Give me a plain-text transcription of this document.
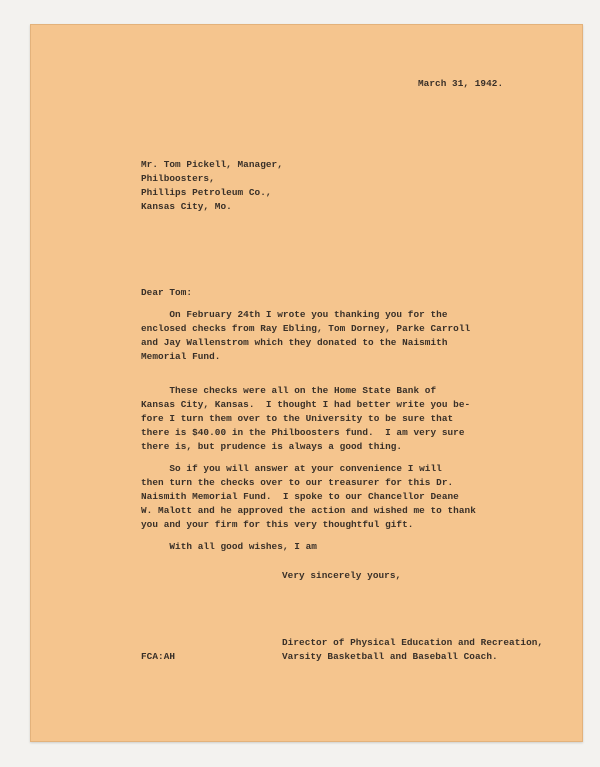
March 31, 1942.

Mr. Tom Pickell, Manager,

Philboosters,

Phillips Petroleum Co.,

Kansas City, Mo.

Dear Tom:

On February 24th I wrote you thanking you for the

enclosed checks from Ray Ebling, Tom Dorney, Parke Carroll

and Jay Wallenstrom which they donated to the Naismith

Memorial Fund.

These checks were all on the Home State Bank of

Kansas City, Kansas.  I thought I had better write you be-

fore I turn them over to the University to be sure that

there is $40.00 in the Philboosters fund.  I am very sure

there is, but prudence is always a good thing.

So if you will answer at your convenience I will

then turn the checks over to our treasurer for this Dr.

Naismith Memorial Fund.  I spoke to our Chancellor Deane

W. Malott and he approved the action and wished me to thank

you and your firm for this very thoughtful gift.

With all good wishes, I am

Very sincerely yours,

FCA:AH

Director of Physical Education and Recreation,

Varsity Basketball and Baseball Coach.
